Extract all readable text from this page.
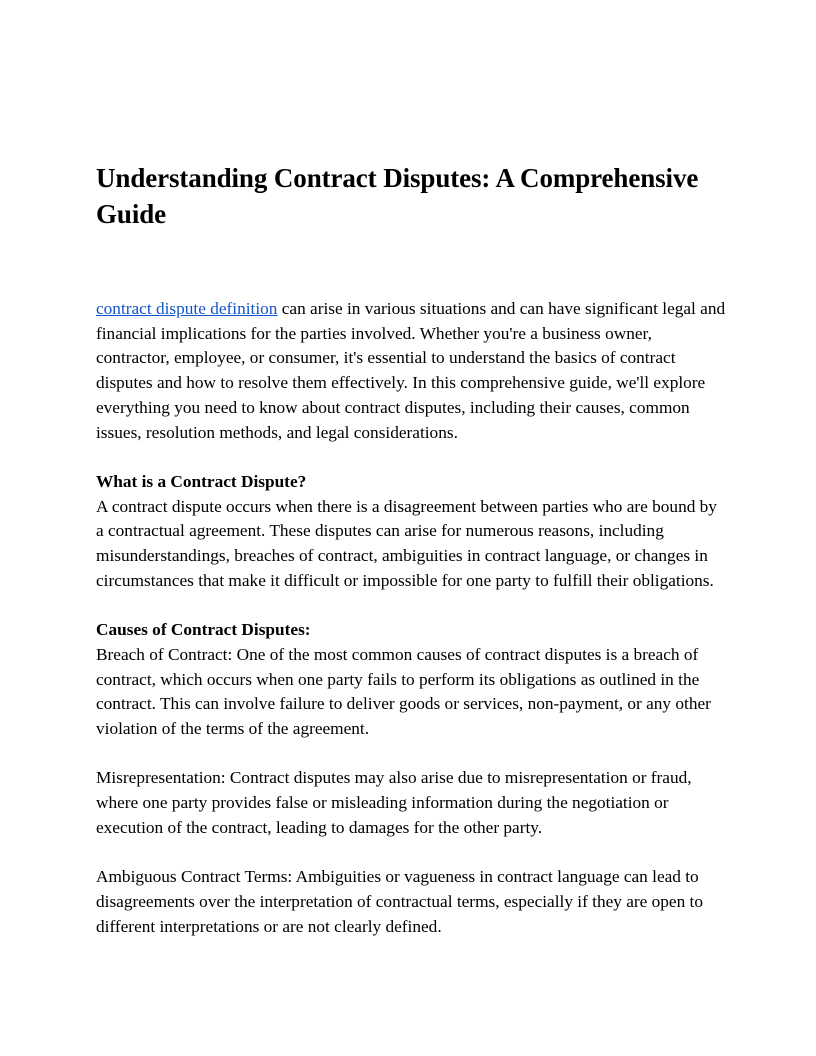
Understanding Contract Disputes: A Comprehensive Guide

contract dispute definition can arise in various situations and can have significant legal and financial implications for the parties involved. Whether you're a business owner, contractor, employee, or consumer, it's essential to understand the basics of contract disputes and how to resolve them effectively. In this comprehensive guide, we'll explore everything you need to know about contract disputes, including their causes, common issues, resolution methods, and legal considerations.

What is a Contract Dispute?

A contract dispute occurs when there is a disagreement between parties who are bound by a contractual agreement. These disputes can arise for numerous reasons, including misunderstandings, breaches of contract, ambiguities in contract language, or changes in circumstances that make it difficult or impossible for one party to fulfill their obligations.

Causes of Contract Disputes:

Breach of Contract: One of the most common causes of contract disputes is a breach of contract, which occurs when one party fails to perform its obligations as outlined in the contract. This can involve failure to deliver goods or services, non-payment, or any other violation of the terms of the agreement.

Misrepresentation: Contract disputes may also arise due to misrepresentation or fraud, where one party provides false or misleading information during the negotiation or execution of the contract, leading to damages for the other party.

Ambiguous Contract Terms: Ambiguities or vagueness in contract language can lead to disagreements over the interpretation of contractual terms, especially if they are open to different interpretations or are not clearly defined.
